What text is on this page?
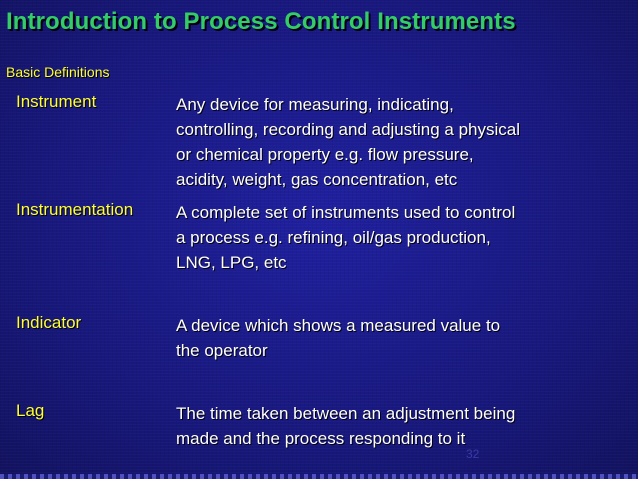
Introduction to Process Control Instruments
Basic Definitions
Instrument	Any device for measuring, indicating,
controlling, recording and adjusting a physical
or chemical property e.g. flow pressure,
acidity, weight, gas concentration, etc
Instrumentation	A complete set of instruments used to control
a process e.g. refining, oil/gas production,
LNG, LPG, etc
Indicator	A device which shows a measured value to
the operator
Lag	The time taken between an adjustment being
made and the process responding to it
32
